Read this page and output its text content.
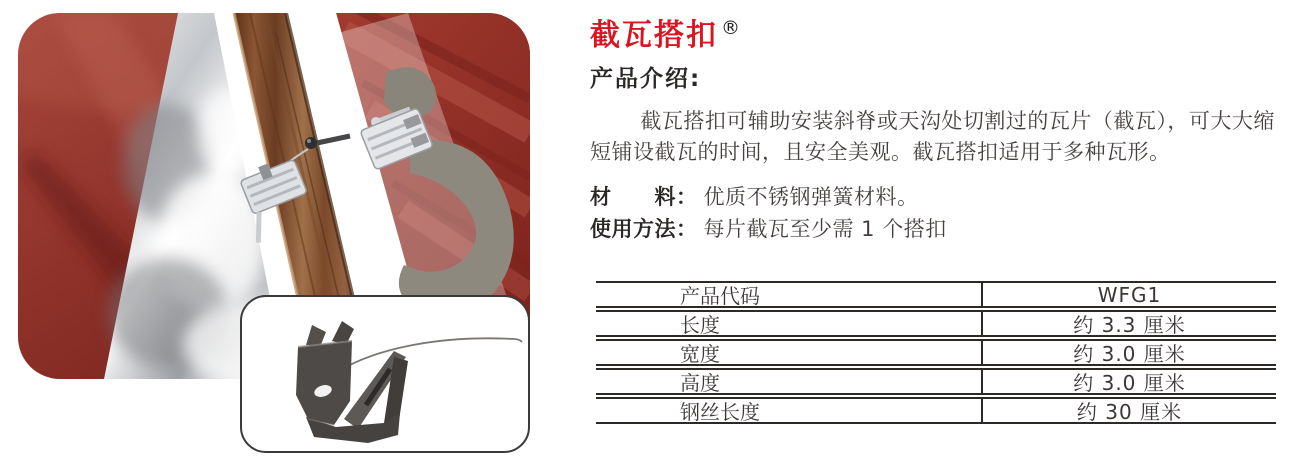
截瓦搭扣 ®
产品介绍:

截瓦搭扣可辅助安装斜脊或天沟处切割过的瓦片（截瓦），可大大缩短铺设截瓦的时间，且安全美观。截瓦搭扣适用于多种瓦形。

材　　料： 优质不锈钢弹簧材料。
使用方法： 每片截瓦至少需 1 个搭扣
产品代码	WFG1
长度	约 3.3 厘米
宽度	约 3.0 厘米
高度	约 3.0 厘米
钢丝长度	约 30 厘米
